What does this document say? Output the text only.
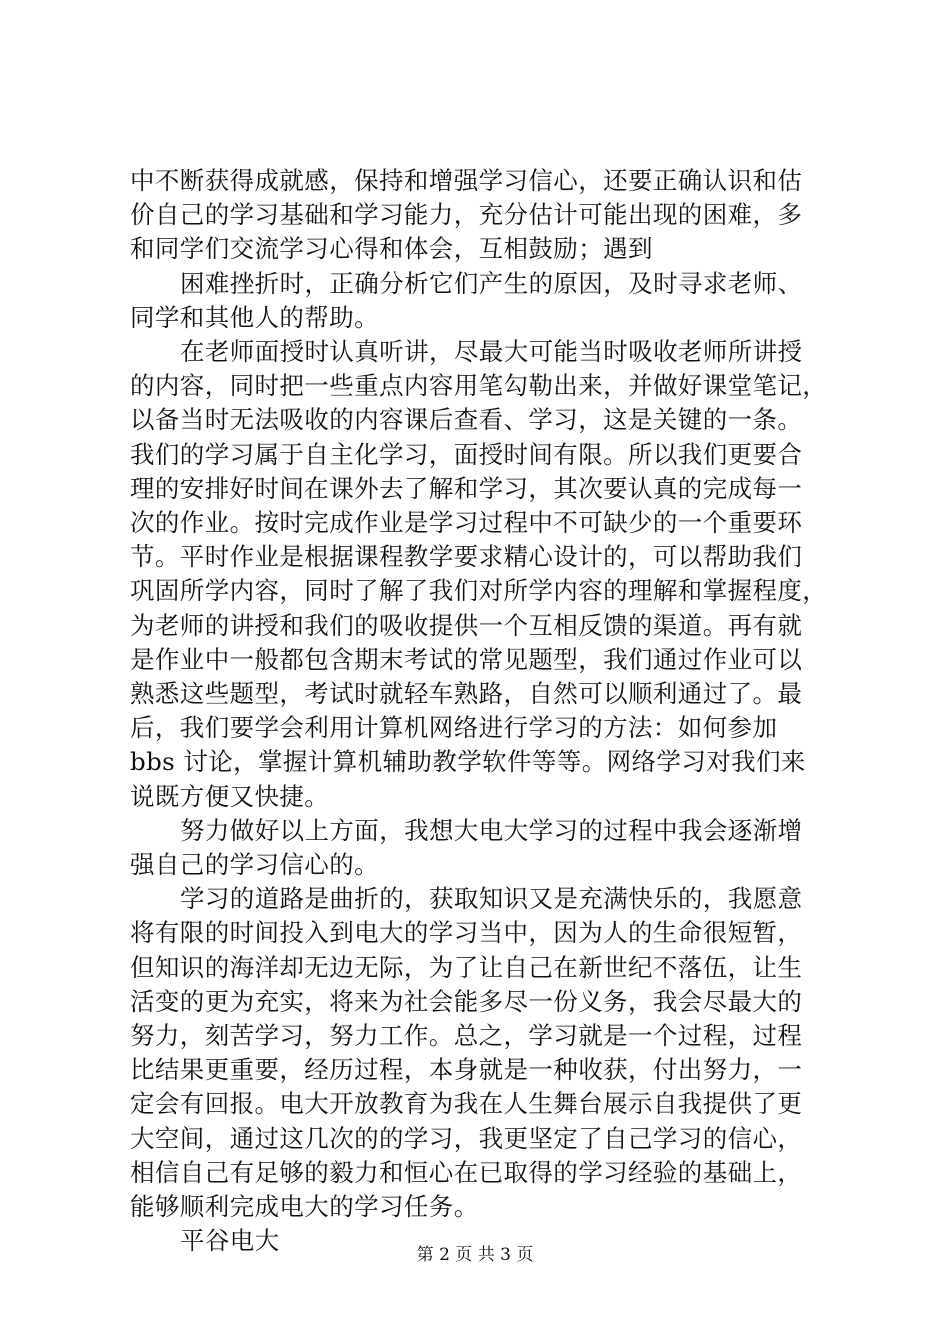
中不断获得成就感，保持和增强学习信心，还要正确认识和估
价自己的学习基础和学习能力，充分估计可能出现的困难，多
和同学们交流学习心得和体会，互相鼓励；遇到
困难挫折时，正确分析它们产生的原因，及时寻求老师、
同学和其他人的帮助。
在老师面授时认真听讲，尽最大可能当时吸收老师所讲授
的内容，同时把一些重点内容用笔勾勒出来，并做好课堂笔记，
以备当时无法吸收的内容课后查看、学习，这是关键的一条。
我们的学习属于自主化学习，面授时间有限。所以我们更要合
理的安排好时间在课外去了解和学习，其次要认真的完成每一
次的作业。按时完成作业是学习过程中不可缺少的一个重要环
节。平时作业是根据课程教学要求精心设计的，可以帮助我们
巩固所学内容，同时了解了我们对所学内容的理解和掌握程度，
为老师的讲授和我们的吸收提供一个互相反馈的渠道。再有就
是作业中一般都包含期末考试的常见题型，我们通过作业可以
熟悉这些题型，考试时就轻车熟路，自然可以顺利通过了。最
后，我们要学会利用计算机网络进行学习的方法：如何参加
bbs 讨论，掌握计算机辅助教学软件等等。网络学习对我们来
说既方便又快捷。
努力做好以上方面，我想大电大学习的过程中我会逐渐增
强自己的学习信心的。
学习的道路是曲折的，获取知识又是充满快乐的，我愿意
将有限的时间投入到电大的学习当中，因为人的生命很短暂，
但知识的海洋却无边无际，为了让自己在新世纪不落伍，让生
活变的更为充实，将来为社会能多尽一份义务，我会尽最大的
努力，刻苦学习，努力工作。总之，学习就是一个过程，过程
比结果更重要，经历过程，本身就是一种收获，付出努力，一
定会有回报。电大开放教育为我在人生舞台展示自我提供了更
大空间，通过这几次的的学习，我更坚定了自己学习的信心，
相信自己有足够的毅力和恒心在已取得的学习经验的基础上，
能够顺利完成电大的学习任务。
平谷电大	第 2 页 共 3 页
